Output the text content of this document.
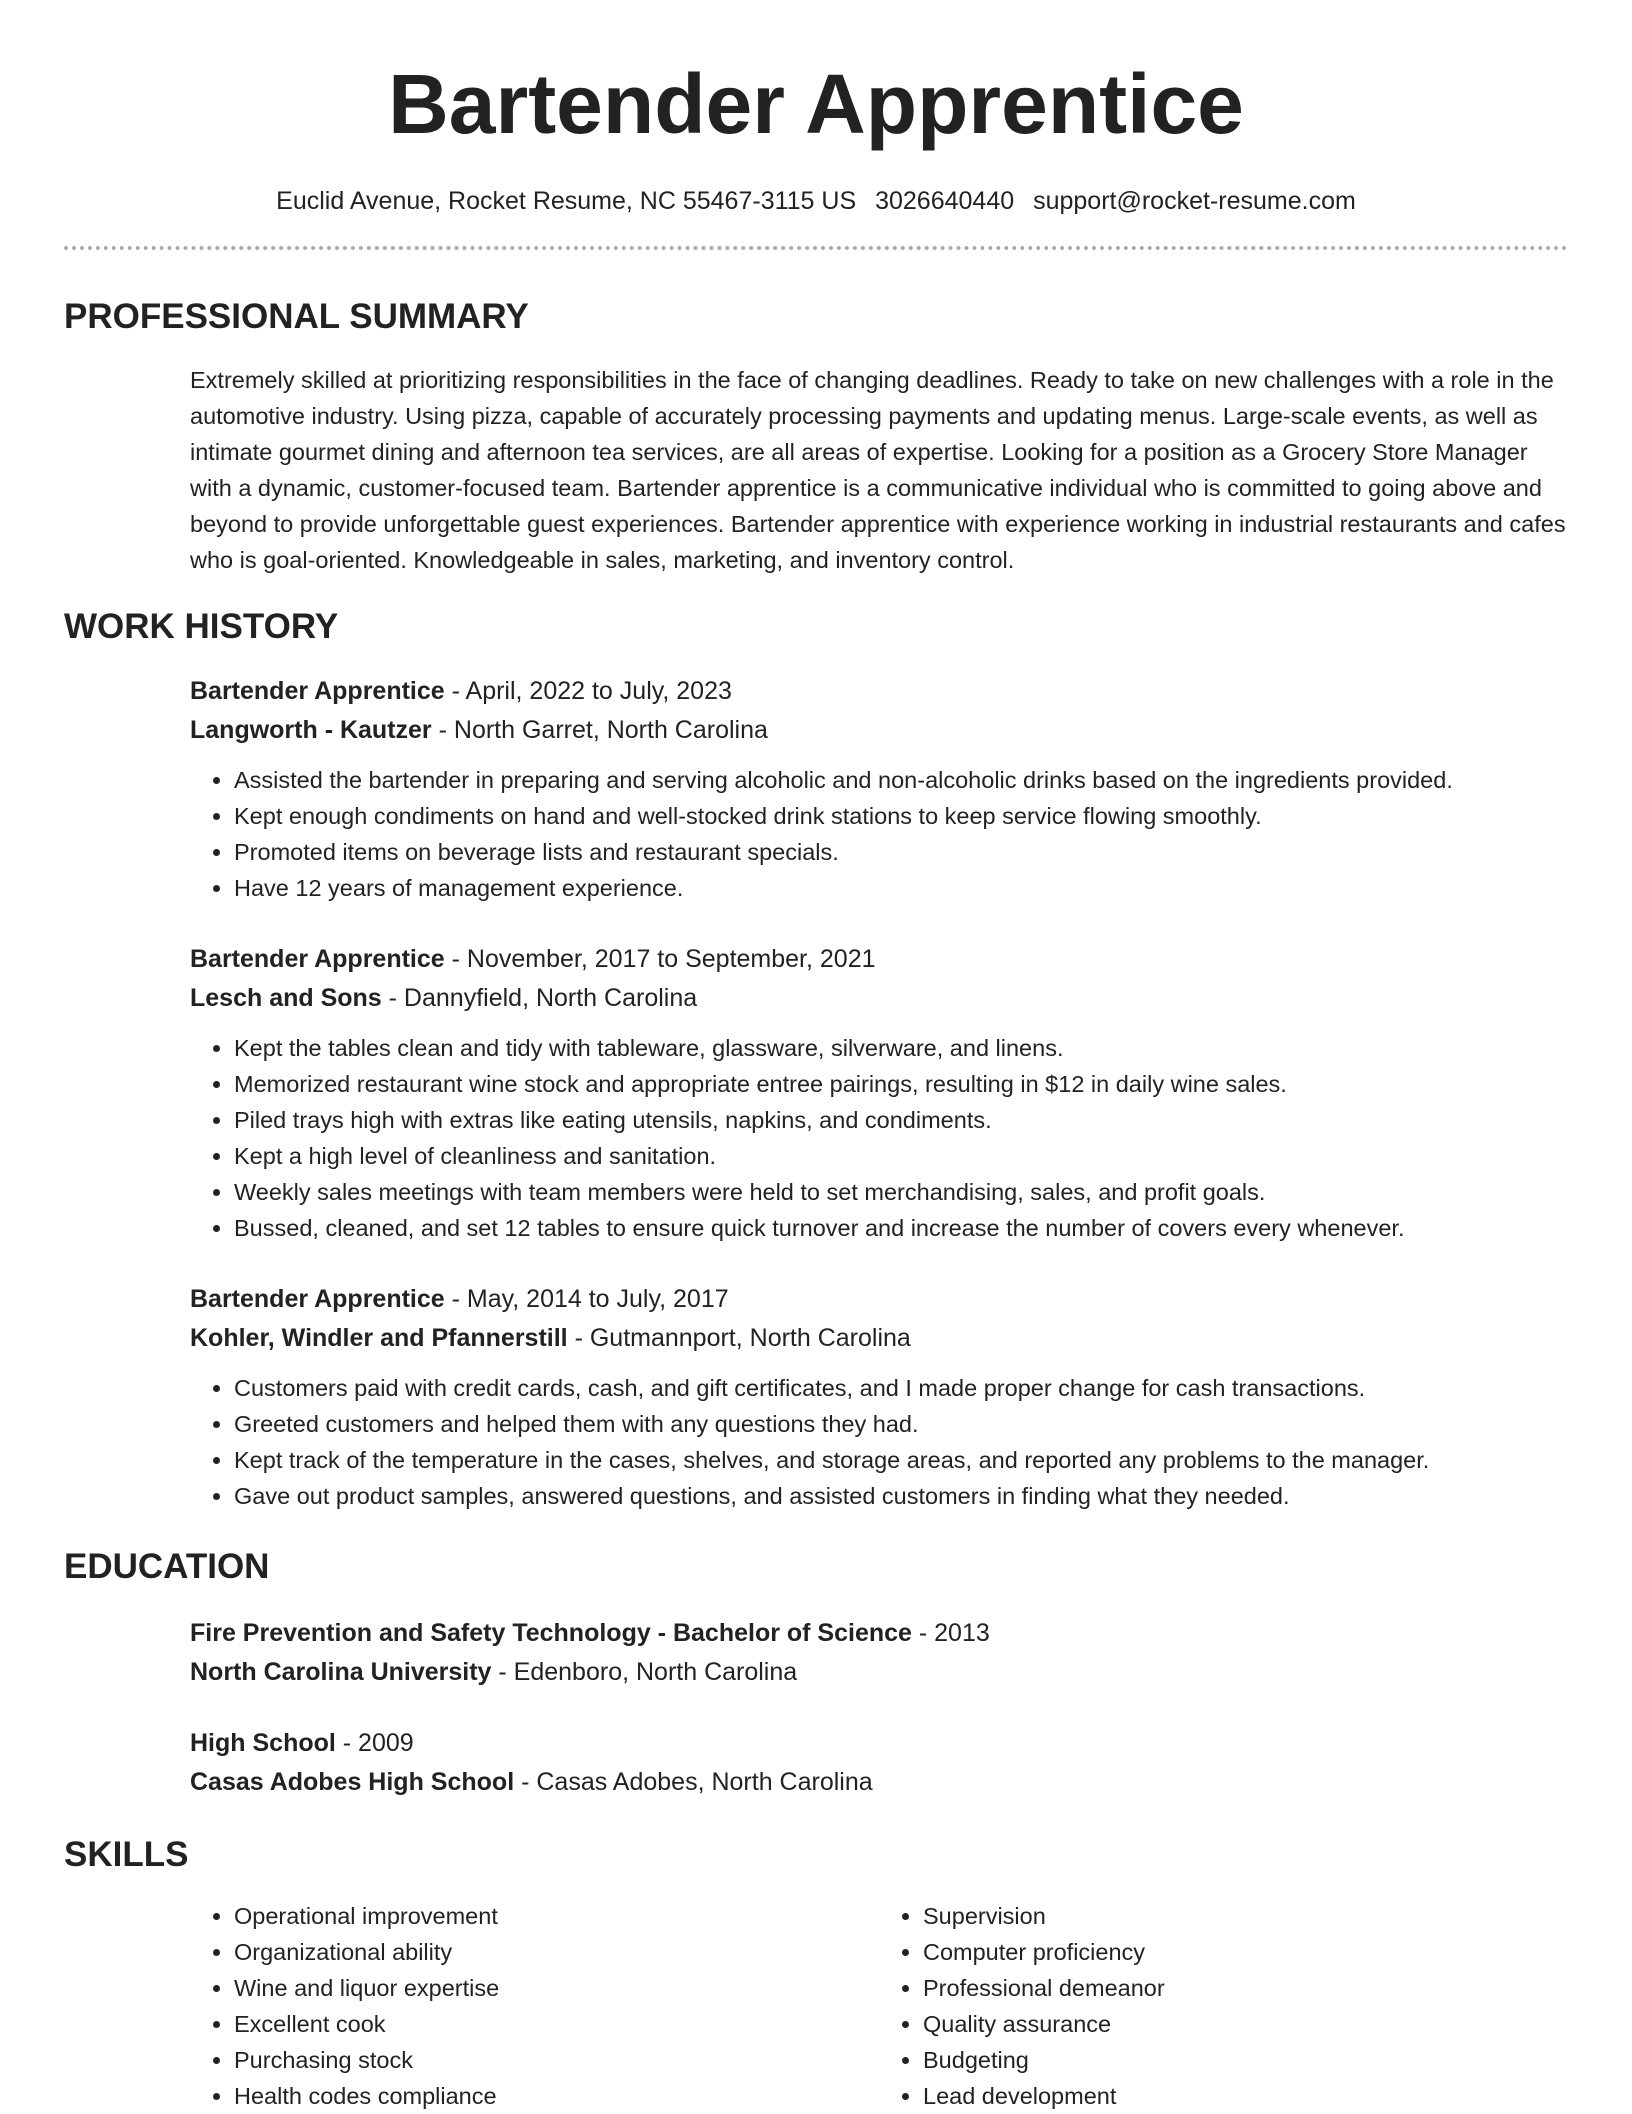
Bartender Apprentice
Euclid Avenue, Rocket Resume, NC 55467-3115 US 3026640440 support@rocket-resume.com
PROFESSIONAL SUMMARY
Extremely skilled at prioritizing responsibilities in the face of changing deadlines. Ready to take on new challenges with a role in the automotive industry. Using pizza, capable of accurately processing payments and updating menus. Large-scale events, as well as intimate gourmet dining and afternoon tea services, are all areas of expertise. Looking for a position as a Grocery Store Manager with a dynamic, customer-focused team. Bartender apprentice is a communicative individual who is committed to going above and beyond to provide unforgettable guest experiences. Bartender apprentice with experience working in industrial restaurants and cafes who is goal-oriented. Knowledgeable in sales, marketing, and inventory control.
WORK HISTORY
Bartender Apprentice - April, 2022 to July, 2023
Langworth - Kautzer - North Garret, North Carolina
• Assisted the bartender in preparing and serving alcoholic and non-alcoholic drinks based on the ingredients provided.
• Kept enough condiments on hand and well-stocked drink stations to keep service flowing smoothly.
• Promoted items on beverage lists and restaurant specials.
• Have 12 years of management experience.
Bartender Apprentice - November, 2017 to September, 2021
Lesch and Sons - Dannyfield, North Carolina
• Kept the tables clean and tidy with tableware, glassware, silverware, and linens.
• Memorized restaurant wine stock and appropriate entree pairings, resulting in $12 in daily wine sales.
• Piled trays high with extras like eating utensils, napkins, and condiments.
• Kept a high level of cleanliness and sanitation.
• Weekly sales meetings with team members were held to set merchandising, sales, and profit goals.
• Bussed, cleaned, and set 12 tables to ensure quick turnover and increase the number of covers every whenever.
Bartender Apprentice - May, 2014 to July, 2017
Kohler, Windler and Pfannerstill - Gutmannport, North Carolina
• Customers paid with credit cards, cash, and gift certificates, and I made proper change for cash transactions.
• Greeted customers and helped them with any questions they had.
• Kept track of the temperature in the cases, shelves, and storage areas, and reported any problems to the manager.
• Gave out product samples, answered questions, and assisted customers in finding what they needed.
EDUCATION
Fire Prevention and Safety Technology - Bachelor of Science - 2013
North Carolina University - Edenboro, North Carolina
High School - 2009
Casas Adobes High School - Casas Adobes, North Carolina
SKILLS
• Operational improvement
• Organizational ability
• Wine and liquor expertise
• Excellent cook
• Purchasing stock
• Health codes compliance
• Supervision
• Computer proficiency
• Professional demeanor
• Quality assurance
• Budgeting
• Lead development
